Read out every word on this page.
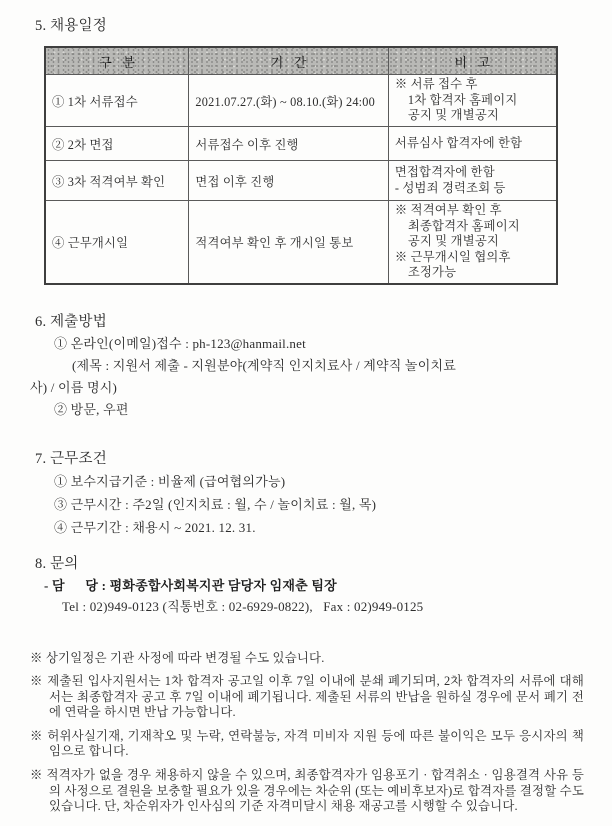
5. 채용일정
구   분	기   간	비   고
① 1차 서류접수	2021.07.27.(화) ~ 08.10.(화) 24:00	※ 서류 접수 후
1차 합격자 홈페이지
공지 및 개별공지

② 2차 면접	서류접수 이후 진행	서류심사 합격자에 한함

③ 3차 적격여부 확인	면접 이후 진행	면접합격자에 한함
- 성범죄 경력조회 등

④ 근무개시일	적격여부 확인 후 개시일 통보	※ 적격여부 확인 후
최종합격자 홈페이지
공지 및 개별공지
※ 근무개시일 협의후
조정가능
6. 제출방법
① 온라인(이메일)접수 : ph-123@hanmail.net
(제목 : 지원서 제출 - 지원분야(계약직 인지치료사 / 계약직 놀이치료
사) / 이름 명시)
② 방문, 우편
7. 근무조건
① 보수지급기준 : 비율제 (급여협의가능)
③ 근무시간 : 주2일 (인지치료 : 월, 수 / 놀이치료 : 월, 목)
④ 근무기간 : 채용시 ~ 2021. 12. 31.
8. 문의
- 담      당 : 평화종합사회복지관 담당자 임재춘 팀장
Tel : 02)949-0123 (직통번호 : 02-6929-0822),   Fax : 02)949-0125

※ 상기일정은 기관 사정에 따라 변경될 수도 있습니다.

※ 제출된 입사지원서는 1차 합격자 공고일 이후 7일 이내에 분쇄 폐기되며, 2차 합격자의 서류에 대해서는 최종합격자 공고 후 7일 이내에 폐기됩니다. 제출된 서류의 반납을 원하실 경우에 문서 폐기 전에 연락을 하시면 반납 가능합니다.

※ 허위사실기재, 기재착오 및 누락, 연락불능, 자격 미비자 지원 등에 따른 불이익은 모두 응시자의 책임으로 합니다.

※ 적격자가 없을 경우 채용하지 않을 수 있으며, 최종합격자가 임용포기 · 합격취소 · 임용결격 사유 등의 사정으로 결원을 보충할 필요가 있을 경우에는 차순위 (또는 예비후보자)로 합격자를 결정할 수도 있습니다. 단, 차순위자가 인사심의 기준 자격미달시 채용 재공고를 시행할 수 있습니다.
